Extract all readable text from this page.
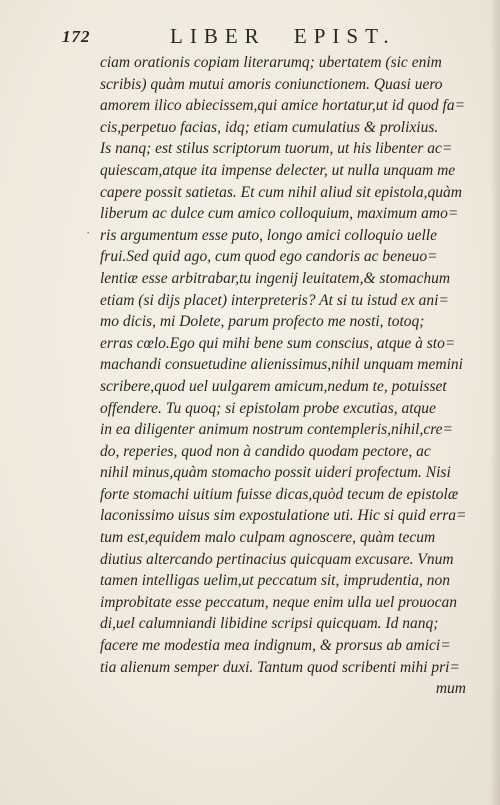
172	LIBER EPIST.
·
ciam orationis copiam literarumq; ubertatem (sic enim
scribis) quàm mutui amoris coniunctionem. Quasi uero
amorem ilico abiecissem,qui amice hortatur,ut id quod fa=
cis,perpetuo facias, idq; etiam cumulatius & prolixius.
Is nanq; est stilus scriptorum tuorum, ut his libenter ac=
quiescam,atque ita impense delecter, ut nulla unquam me
capere possit satietas. Et cum nihil aliud sit epistola,quàm
liberum ac dulce cum amico colloquium, maximum amo=
ris argumentum esse puto, longo amici colloquio uelle
frui.Sed quid ago, cum quod ego candoris ac beneuo=
lentiæ esse arbitrabar,tu ingenij leuitatem,& stomachum
etiam (si dijs placet) interpreteris? At si tu istud ex ani=
mo dicis, mi Dolete, parum profecto me nosti, totoq;
erras cœlo.Ego qui mihi bene sum conscius, atque à sto=
machandi consuetudine alienissimus,nihil unquam memini
scribere,quod uel uulgarem amicum,nedum te, potuisset
offendere. Tu quoq; si epistolam probe excutias, atque
in ea diligenter animum nostrum contempleris,nihil,cre=
do, reperies, quod non à candido quodam pectore, ac
nihil minus,quàm stomacho possit uideri profectum. Nisi
forte stomachi uitium fuisse dicas,quòd tecum de epistolæ
laconissimo uisus sim expostulatione uti. Hic si quid erra=
tum est,equidem malo culpam agnoscere, quàm tecum
diutius altercando pertinacius quicquam excusare. Vnum
tamen intelligas uelim,ut peccatum sit, imprudentia, non
improbitate esse peccatum, neque enim ulla uel prouocan
di,uel calumniandi libidine scripsi quicquam. Id nanq;
facere me modestia mea indignum, & prorsus ab amici=
tia alienum semper duxi. Tantum quod scribenti mihi pri=
mum
